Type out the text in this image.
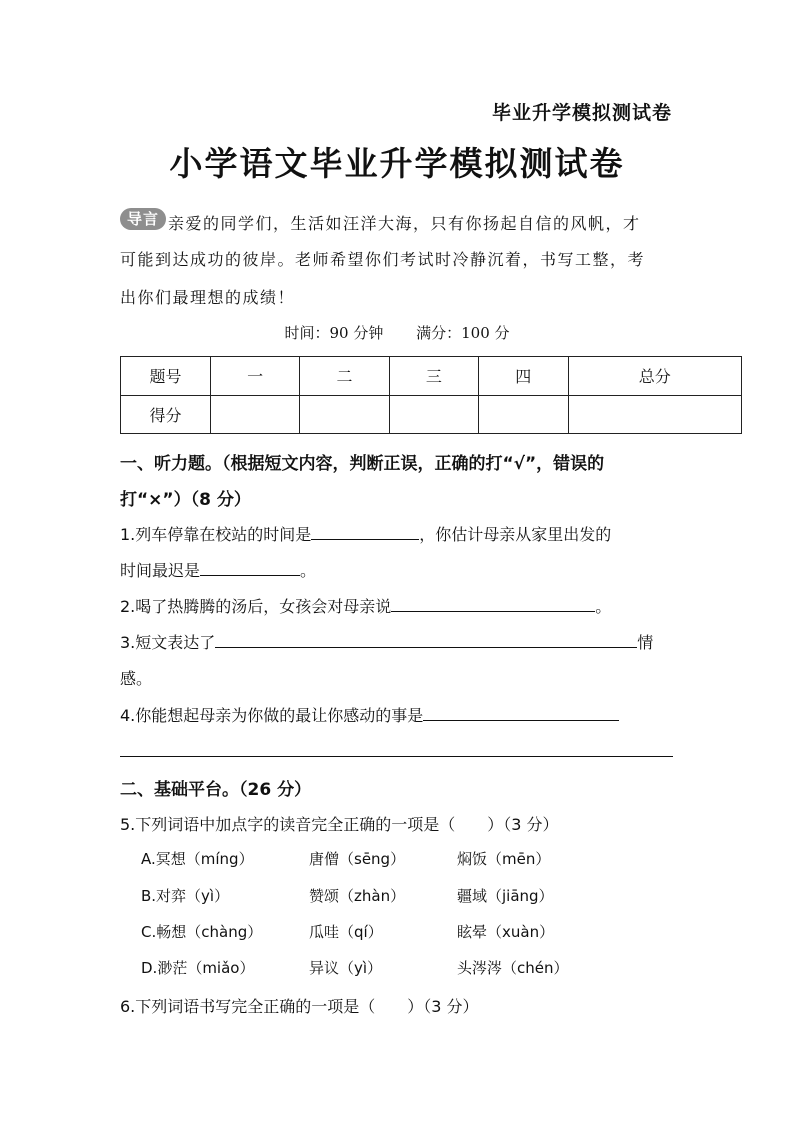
毕业升学模拟测试卷
小学语文毕业升学模拟测试卷
导言 亲爱的同学们，生活如汪洋大海，只有你扬起自信的风帆，才
可能到达成功的彼岸。老师希望你们考试时冷静沉着，书写工整，考
出你们最理想的成绩！
时间：90 分钟 满分：100 分
题号	一	二	三	四	总分
得分					
一、听力题。（根据短文内容，判断正误，正确的打“√”，错误的
打“×”）（8 分）
1.列车停靠在校站的时间是	，你估计母亲从家里出发的
时间最迟是	。
2.喝了热腾腾的汤后，女孩会对母亲说	。
3.短文表达了	情
感。
4.你能想起母亲为你做的最让你感动的事是
二、基础平台。（26 分）
5.下列词语中加点字的读音完全正确的一项是（　　）（3 分）
A.冥想（míng）	唐僧（sēng）	焖饭（mēn）
B.对弈（yì）	赞颂（zhàn）	疆域（jiāng）
C.畅想（chàng）	瓜哇（qí）	眩晕（xuàn）
D.渺茫（miǎo）	异议（yì）	头涔涔（chén）
6.下列词语书写完全正确的一项是（　　）（3 分）
